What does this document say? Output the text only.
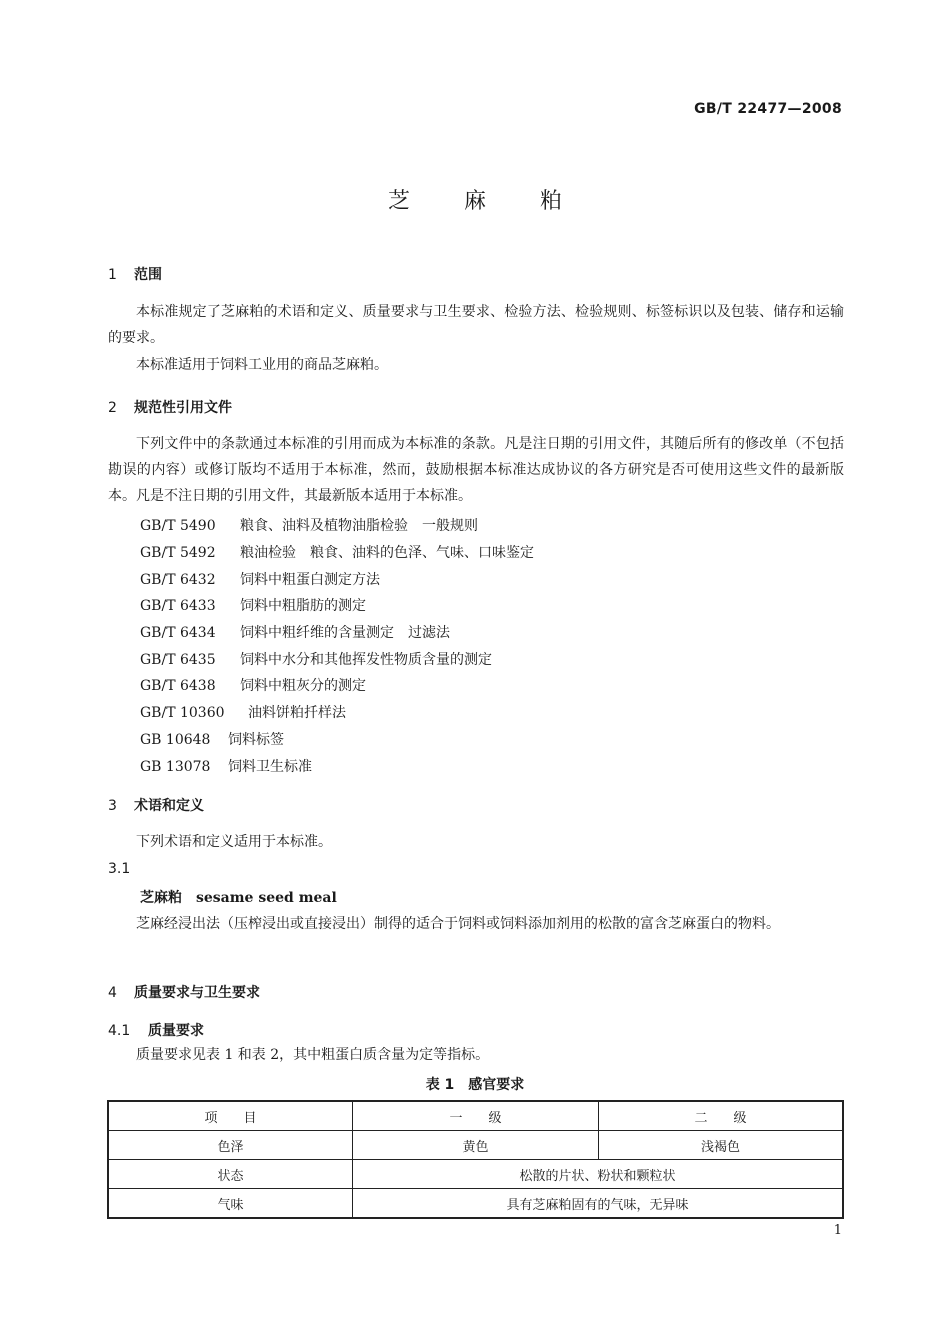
GB/T 22477—2008
芝 麻 粕
1 范围
本标准规定了芝麻粕的术语和定义、质量要求与卫生要求、检验方法、检验规则、标签标识以及包装、储存和运输的要求。
本标准适用于饲料工业用的商品芝麻粕。
2 规范性引用文件
下列文件中的条款通过本标准的引用而成为本标准的条款。凡是注日期的引用文件，其随后所有的修改单（不包括勘误的内容）或修订版均不适用于本标准，然而，鼓励根据本标准达成协议的各方研究是否可使用这些文件的最新版本。凡是不注日期的引用文件，其最新版本适用于本标准。
GB/T 5490 粮食、油料及植物油脂检验　一般规则
GB/T 5492 粮油检验　粮食、油料的色泽、气味、口味鉴定
GB/T 6432 饲料中粗蛋白测定方法
GB/T 6433 饲料中粗脂肪的测定
GB/T 6434 饲料中粗纤维的含量测定　过滤法
GB/T 6435 饲料中水分和其他挥发性物质含量的测定
GB/T 6438 饲料中粗灰分的测定
GB/T 10360 油料饼粕扦样法
GB 10648 饲料标签
GB 13078 饲料卫生标准
3 术语和定义
下列术语和定义适用于本标准。
3.1
芝麻粕 sesame seed meal
芝麻经浸出法（压榨浸出或直接浸出）制得的适合于饲料或饲料添加剂用的松散的富含芝麻蛋白的物料。
4 质量要求与卫生要求
4.1 质量要求
质量要求见表 1 和表 2，其中粗蛋白质含量为定等指标。
表 1　感官要求
项　　目	一　　级	二　　级
色泽	黄色	浅褐色
状态	松散的片状、粉状和颗粒状	
气味	具有芝麻粕固有的气味，无异味	
1
